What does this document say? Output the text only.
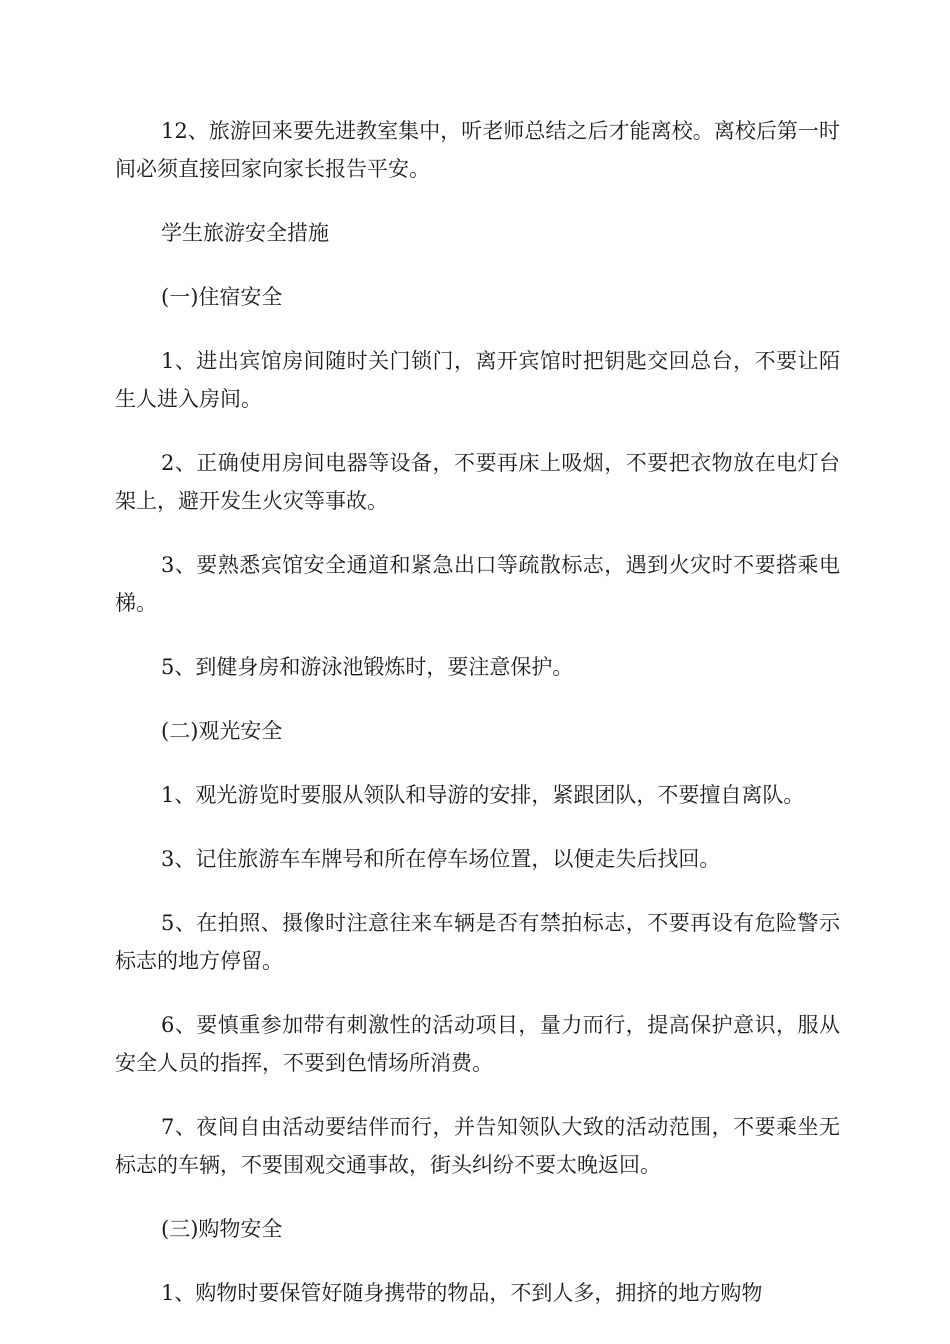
12、旅游回来要先进教室集中，听老师总结之后才能离校。离校后第一时间必须直接回家向家长报告平安。

学生旅游安全措施

(一)住宿安全

1、进出宾馆房间随时关门锁门，离开宾馆时把钥匙交回总台，不要让陌生人进入房间。

2、正确使用房间电器等设备，不要再床上吸烟，不要把衣物放在电灯台架上，避开发生火灾等事故。

3、要熟悉宾馆安全通道和紧急出口等疏散标志，遇到火灾时不要搭乘电梯。

5、到健身房和游泳池锻炼时，要注意保护。

(二)观光安全

1、观光游览时要服从领队和导游的安排，紧跟团队，不要擅自离队。

3、记住旅游车车牌号和所在停车场位置，以便走失后找回。

5、在拍照、摄像时注意往来车辆是否有禁拍标志，不要再设有危险警示标志的地方停留。

6、要慎重参加带有刺激性的活动项目，量力而行，提高保护意识，服从安全人员的指挥，不要到色情场所消费。

7、夜间自由活动要结伴而行，并告知领队大致的活动范围，不要乘坐无标志的车辆，不要围观交通事故，街头纠纷不要太晚返回。

(三)购物安全

1、购物时要保管好随身携带的物品，不到人多，拥挤的地方购物
